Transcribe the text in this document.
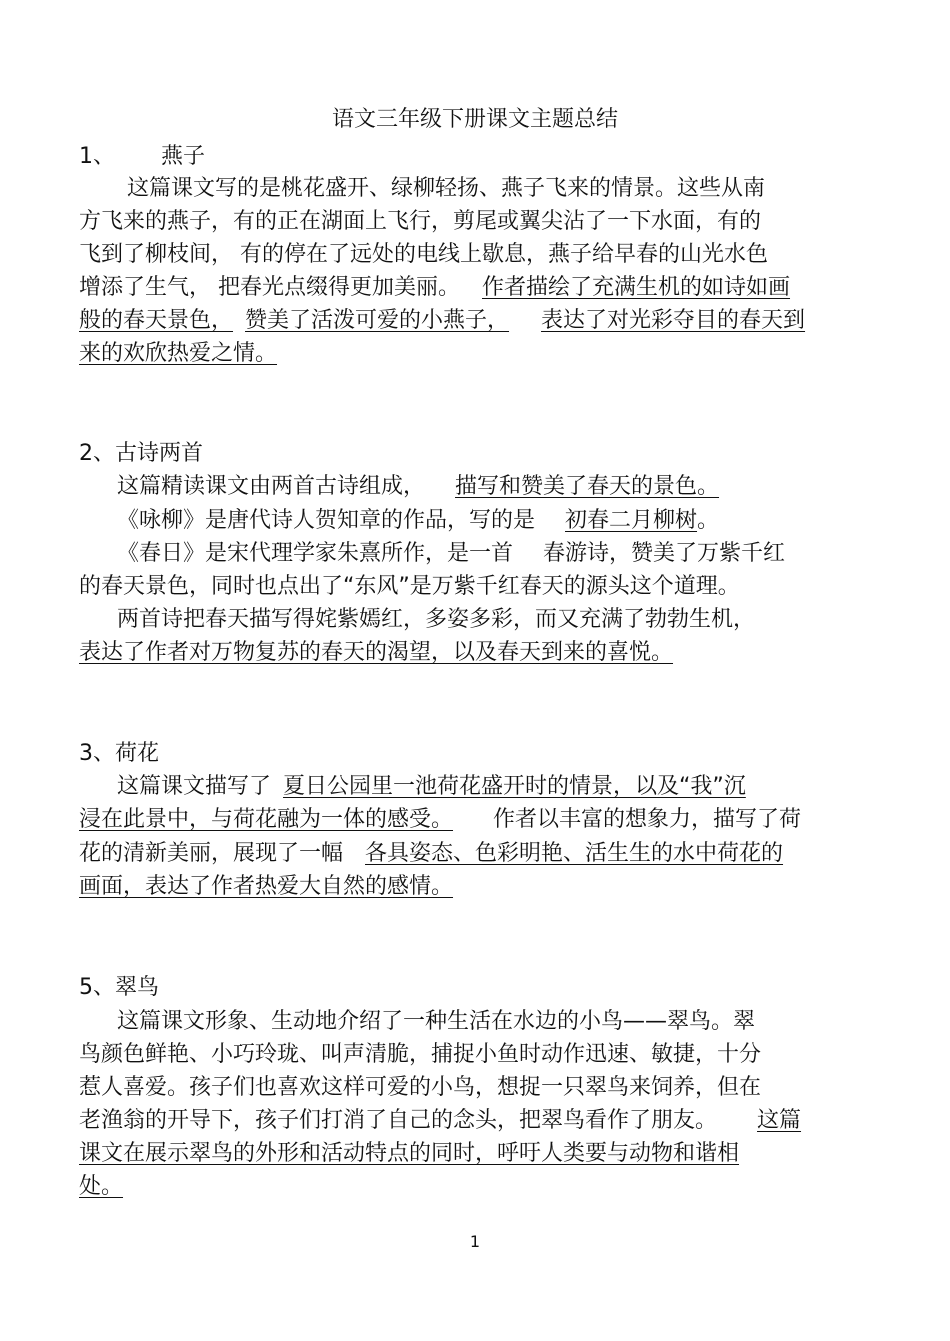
语文三年级下册课文主题总结
1、 燕子
这篇课文写的是桃花盛开、绿柳轻扬、燕子飞来的情景。这些从南
方飞来的燕子，有的正在湖面上飞行，剪尾或翼尖沾了一下水面，有的
飞到了柳枝间， 有的停在了远处的电线上歇息，燕子给早春的山光水色
增添了生气， 把春光点缀得更加美丽。 作者描绘了充满生机的如诗如画
般的春天景色， 赞美了活泼可爱的小燕子， 表达了对光彩夺目的春天到
来的欢欣热爱之情。
2、古诗两首
这篇精读课文由两首古诗组成， 描写和赞美了春天的景色。
《咏柳》是唐代诗人贺知章的作品，写的是 初春二月柳树。
《春日》是宋代理学家朱熹所作，是一首 春游诗，赞美了万紫千红
的春天景色，同时也点出了“东风”是万紫千红春天的源头这个道理。
两首诗把春天描写得姹紫嫣红，多姿多彩，而又充满了勃勃生机，
表达了作者对万物复苏的春天的渴望，以及春天到来的喜悦。
3、荷花
这篇课文描写了 夏日公园里一池荷花盛开时的情景，以及“我”沉
浸在此景中，与荷花融为一体的感受。 作者以丰富的想象力，描写了荷
花的清新美丽，展现了一幅 各具姿态、色彩明艳、活生生的水中荷花的
画面，表达了作者热爱大自然的感情。
5、翠鸟
这篇课文形象、生动地介绍了一种生活在水边的小鸟——翠鸟。翠
鸟颜色鲜艳、小巧玲珑、叫声清脆，捕捉小鱼时动作迅速、敏捷，十分
惹人喜爱。孩子们也喜欢这样可爱的小鸟，想捉一只翠鸟来饲养，但在
老渔翁的开导下，孩子们打消了自己的念头，把翠鸟看作了朋友。 这篇
课文在展示翠鸟的外形和活动特点的同时，呼吁人类要与动物和谐相
处。
1
